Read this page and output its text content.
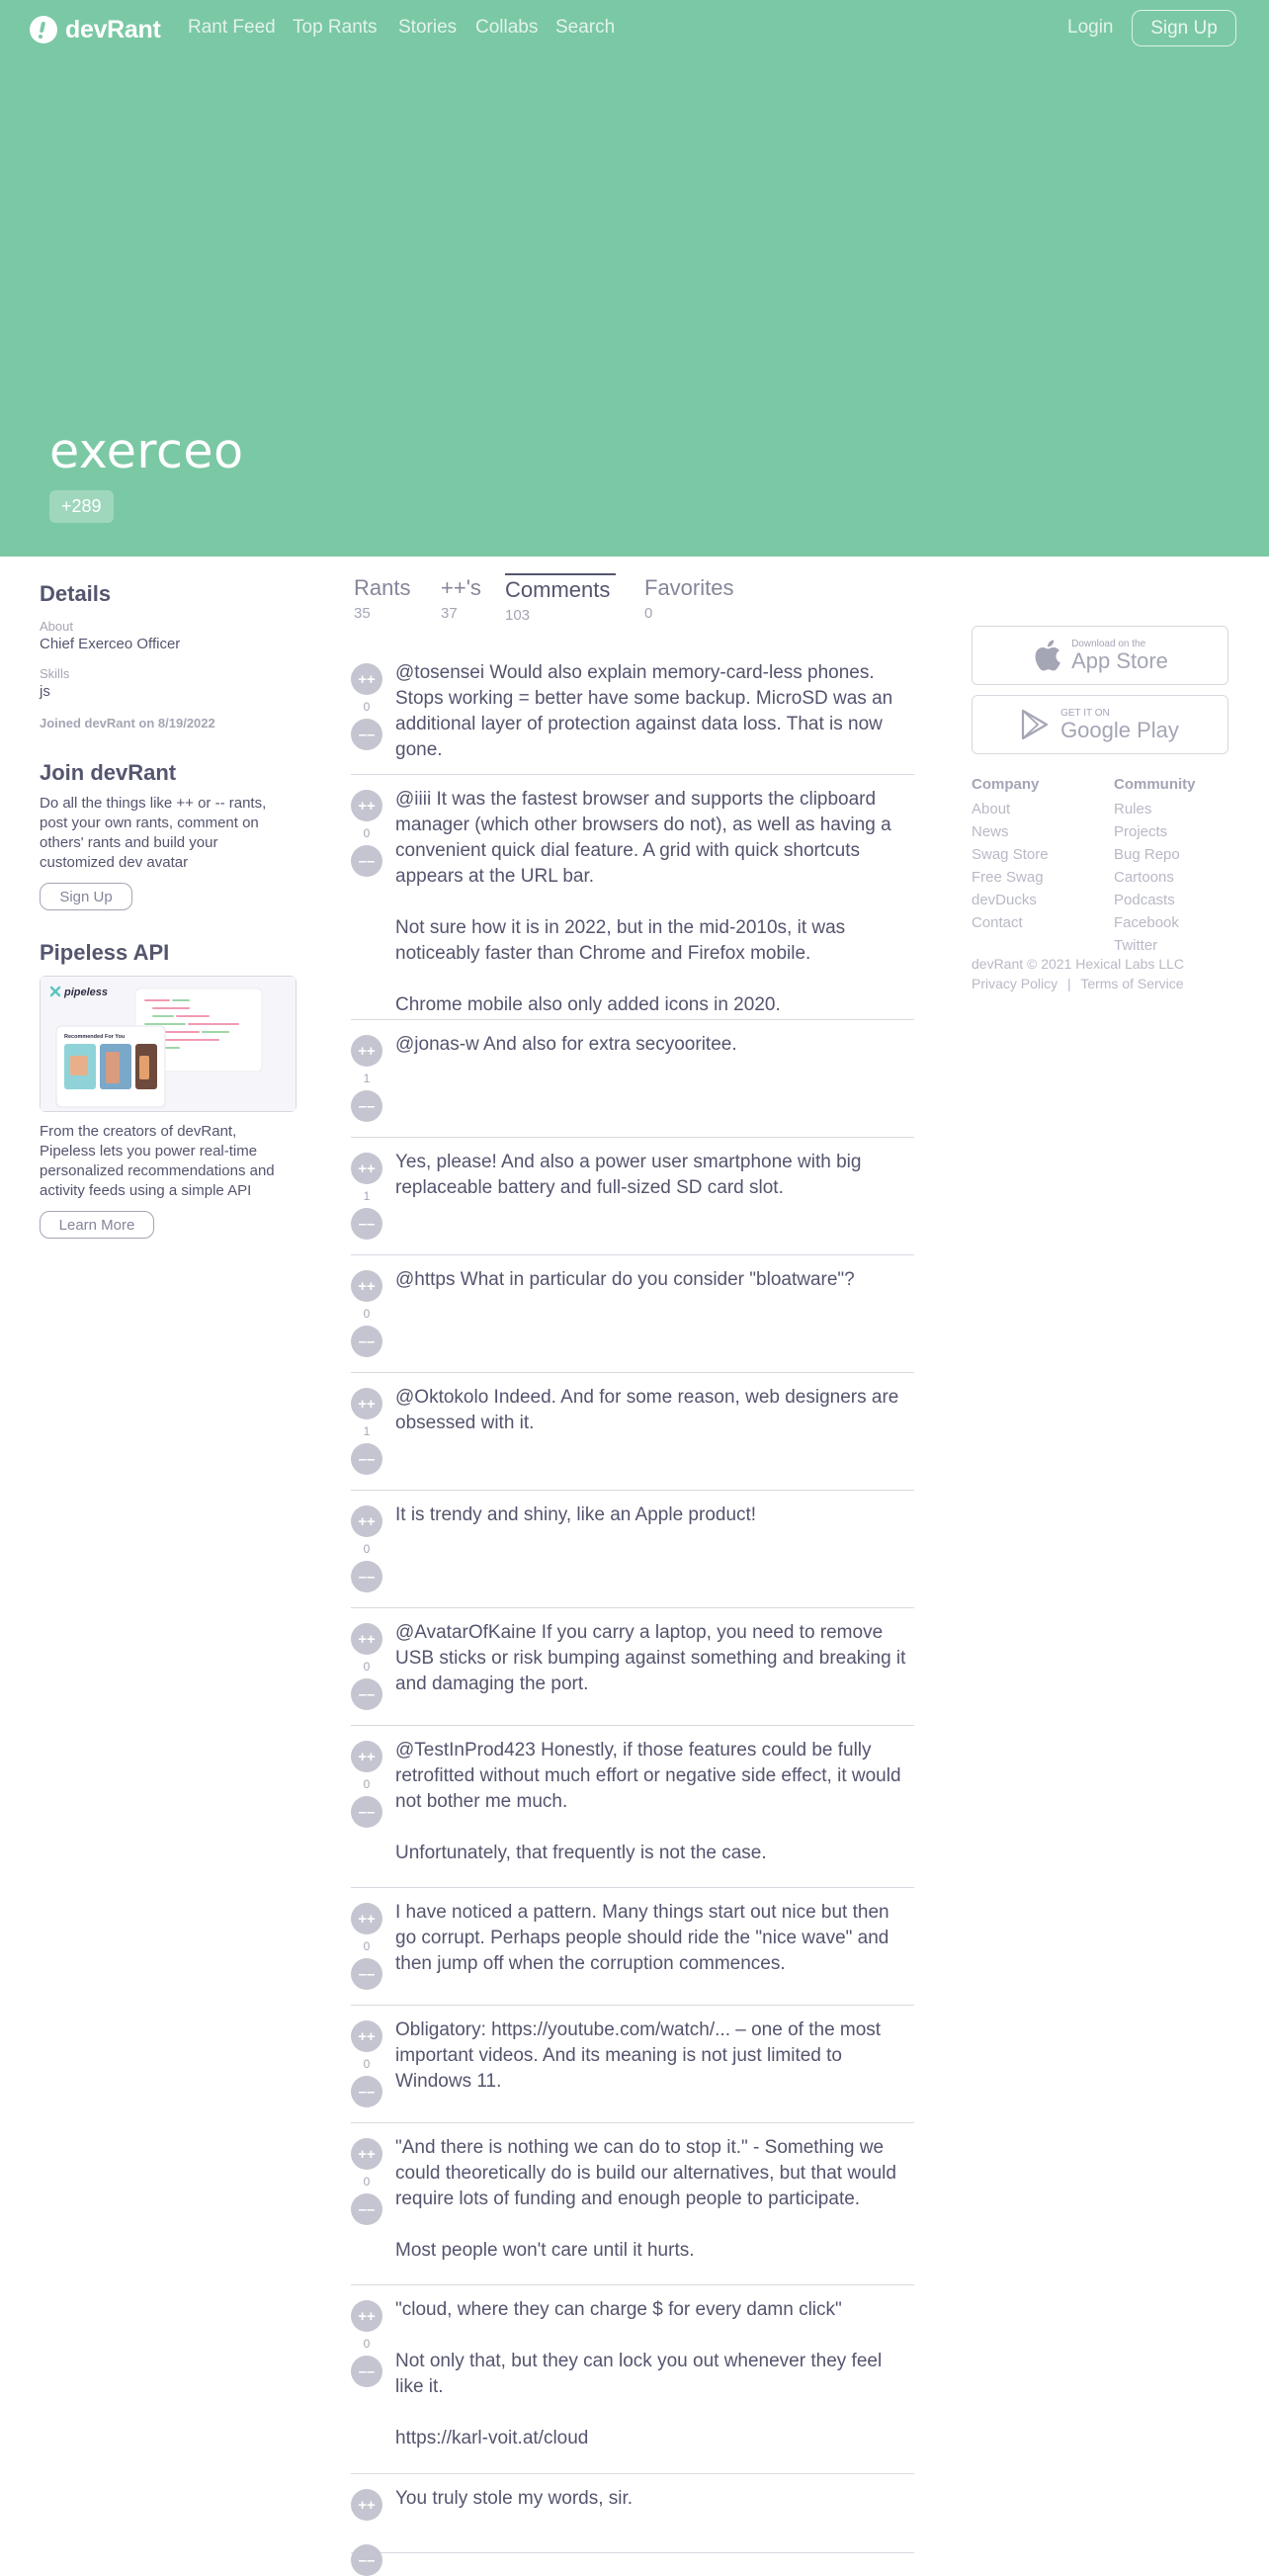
devRant Rant Feed Top Rants Stories Collabs Search	Login	Sign Up
exerceo
+289
Details
About
Chief Exerceo Officer
Skills
js
Joined devRant on 8/19/2022
Join devRant

Do all the things like ++ or -- rants, post your own rants, comment on others' rants and build your customized dev avatar

Sign Up
Pipeless API
pipeless
Recommended For You

From the creators of devRant, Pipeless lets you power real-time personalized recommendations and activity feeds using a simple API

Learn More
Rants
35
++'s
37
Comments
103
Favorites
0
++
0
––

@tosensei Would also explain memory-card-less phones. Stops working = better have some backup. MicroSD was an additional layer of protection against data loss. That is now gone.

++
0
––

@iiii It was the fastest browser and supports the clipboard manager (which other browsers do not), as well as having a convenient quick dial feature. A grid with quick shortcuts appears at the URL bar.

Not sure how it is in 2022, but in the mid-2010s, it was noticeably faster than Chrome and Firefox mobile.

Chrome mobile also only added icons in 2020.

++
1
––

@jonas-w And also for extra secyooritee.

++
1
––

Yes, please! And also a power user smartphone with big replaceable battery and full-sized SD card slot.

++
0
––

@https What in particular do you consider "bloatware"?

++
1
––

@Oktokolo Indeed. And for some reason, web designers are obsessed with it.

++
0
––

It is trendy and shiny, like an Apple product!

++
0
––

@AvatarOfKaine If you carry a laptop, you need to remove USB sticks or risk bumping against something and breaking it and damaging the port.

++
0
––

@TestInProd423 Honestly, if those features could be fully retrofitted without much effort or negative side effect, it would not bother me much.

Unfortunately, that frequently is not the case.

++
0
––

I have noticed a pattern. Many things start out nice but then go corrupt. Perhaps people should ride the "nice wave" and then jump off when the corruption commences.

++
0
––

Obligatory: https://youtube.com/watch/... – one of the most important videos. And its meaning is not just limited to Windows 11.

++
0
––

"And there is nothing we can do to stop it." - Something we could theoretically do is build our alternatives, but that would require lots of funding and enough people to participate.

Most people won't care until it hurts.

++
0
––

"cloud, where they can charge $ for every damn click"

Not only that, but they can lock you out whenever they feel like it.

https://karl-voit.at/cloud

++
––

You truly stole my words, sir.

Download on the
App Store
GET IT ON
Google Play
Company
About
News
Swag Store
Free Swag
devDucks
Contact
Community
Rules
Projects
Bug Repo
Cartoons
Podcasts
Facebook
Twitter
devRant © 2021 Hexical Labs LLC
Privacy Policy | Terms of Service
